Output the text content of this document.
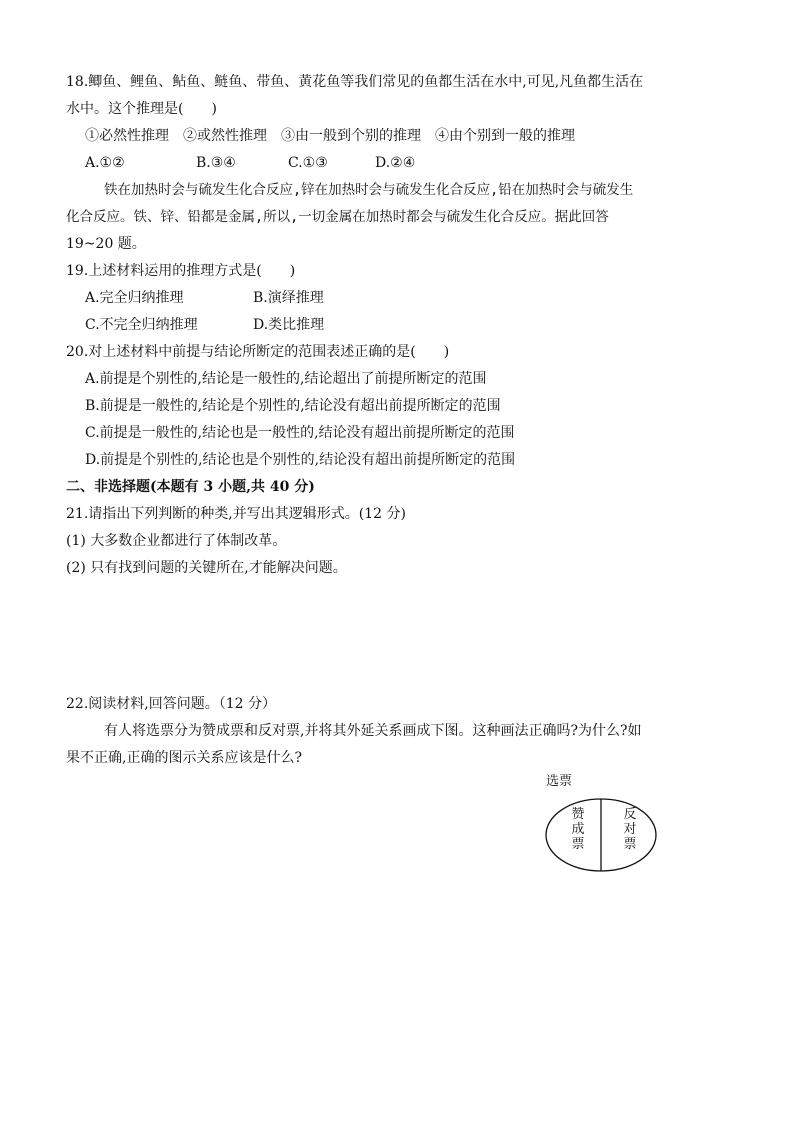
18.鲫鱼、鲤鱼、鲇鱼、鲢鱼、带鱼、黄花鱼等我们常见的鱼都生活在水中,可见,凡鱼都生活在
水中。这个推理是(　　)
①必然性推理　②或然性推理　③由一般到个别的推理　④由个别到一般的推理
A.①②	B.③④	C.①③	D.②④
铁在加热时会与硫发生化合反应,锌在加热时会与硫发生化合反应,铅在加热时会与硫发生
化合反应。铁、锌、铅都是金属,所以,一切金属在加热时都会与硫发生化合反应。据此回答
19~20 题。
19.上述材料运用的推理方式是(　　)
A.完全归纳推理	B.演绎推理
C.不完全归纳推理	D.类比推理
20.对上述材料中前提与结论所断定的范围表述正确的是(　　)
A.前提是个别性的,结论是一般性的,结论超出了前提所断定的范围
B.前提是一般性的,结论是个别性的,结论没有超出前提所断定的范围
C.前提是一般性的,结论也是一般性的,结论没有超出前提所断定的范围
D.前提是个别性的,结论也是个别性的,结论没有超出前提所断定的范围
二、非选择题(本题有 3 小题,共 40 分)
21.请指出下列判断的种类,并写出其逻辑形式。(12 分)
(1) 大多数企业都进行了体制改革。
(2) 只有找到问题的关键所在,才能解决问题。
22.阅读材料,回答问题。（12 分）
有人将选票分为赞成票和反对票,并将其外延关系画成下图。这种画法正确吗?为什么?如
果不正确,正确的图示关系应该是什么?
选票
赞
成
票
反
对
票
